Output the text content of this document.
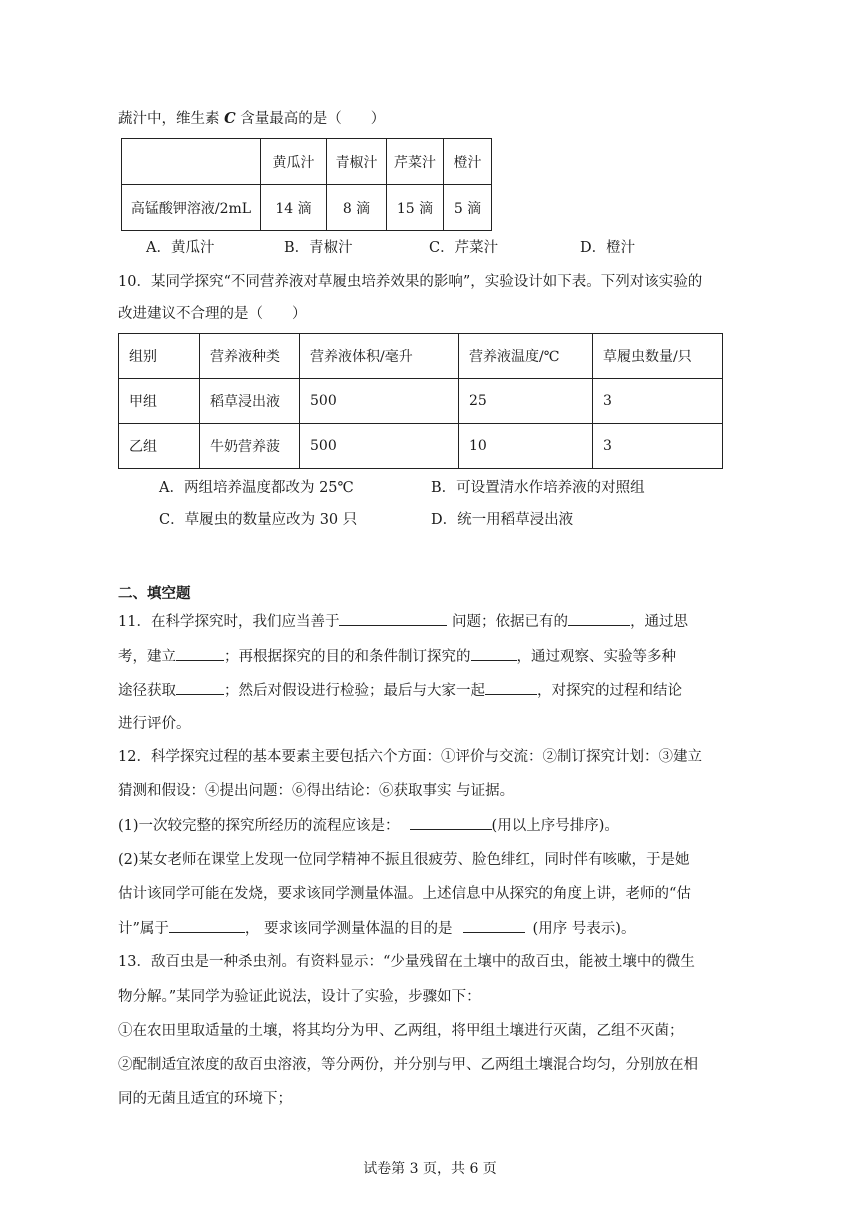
蔬汁中，维生素 C 含量最高的是（　　）
	黄瓜汁	青椒汁	芹菜汁	橙汁
高锰酸钾溶液/2mL	14 滴	8 滴	15 滴	5 滴
A．黄瓜汁	B．青椒汁	C．芹菜汁	D．橙汁
10．某同学探究“不同营养液对草履虫培养效果的影响”，实验设计如下表。下列对该实验的
改进建议不合理的是（　　）
组别	营养液种类	营养液体积/毫升	营养液温度/℃	草履虫数量/只
甲组	稻草浸出液	500	25	3
乙组	牛奶营养菠	500	10	3
A．两组培养温度都改为 25℃	B．可设置清水作培养液的对照组
C．草履虫的数量应改为 30 只	D．统一用稻草浸出液
二、填空题
11．在科学探究时，我们应当善于	问题；依据已有的	，通过思
考，建立	；再根据探究的目的和条件制订探究的	，通过观察、实验等多种
途径获取	；然后对假设进行检验；最后与大家一起	，对探究的过程和结论
进行评价。
12．科学探究过程的基本要素主要包括六个方面：①评价与交流：②制订探究计划：③建立
猜测和假设：④提出问题：⑥得出结论：⑥获取事实 与证据。
(1)一次较完整的探究所经历的流程应该是：	(用以上序号排序)。
(2)某女老师在课堂上发现一位同学精神不振且很疲劳、脸色绯红，同时伴有咳嗽，于是她
估计该同学可能在发烧，要求该同学测量体温。上述信息中从探究的角度上讲，老师的“估
计”属于	， 要求该同学测量体温的目的是	(用序 号表示)。
13．敌百虫是一种杀虫剂。有资料显示：“少量残留在土壤中的敌百虫，能被土壤中的微生
物分解。”某同学为验证此说法，设计了实验，步骤如下：
①在农田里取适量的土壤，将其均分为甲、乙两组，将甲组土壤进行灭菌，乙组不灭菌；
②配制适宜浓度的敌百虫溶液，等分两份，并分别与甲、乙两组土壤混合均匀，分别放在相
同的无菌且适宜的环境下；
试卷第 3 页，共 6 页
